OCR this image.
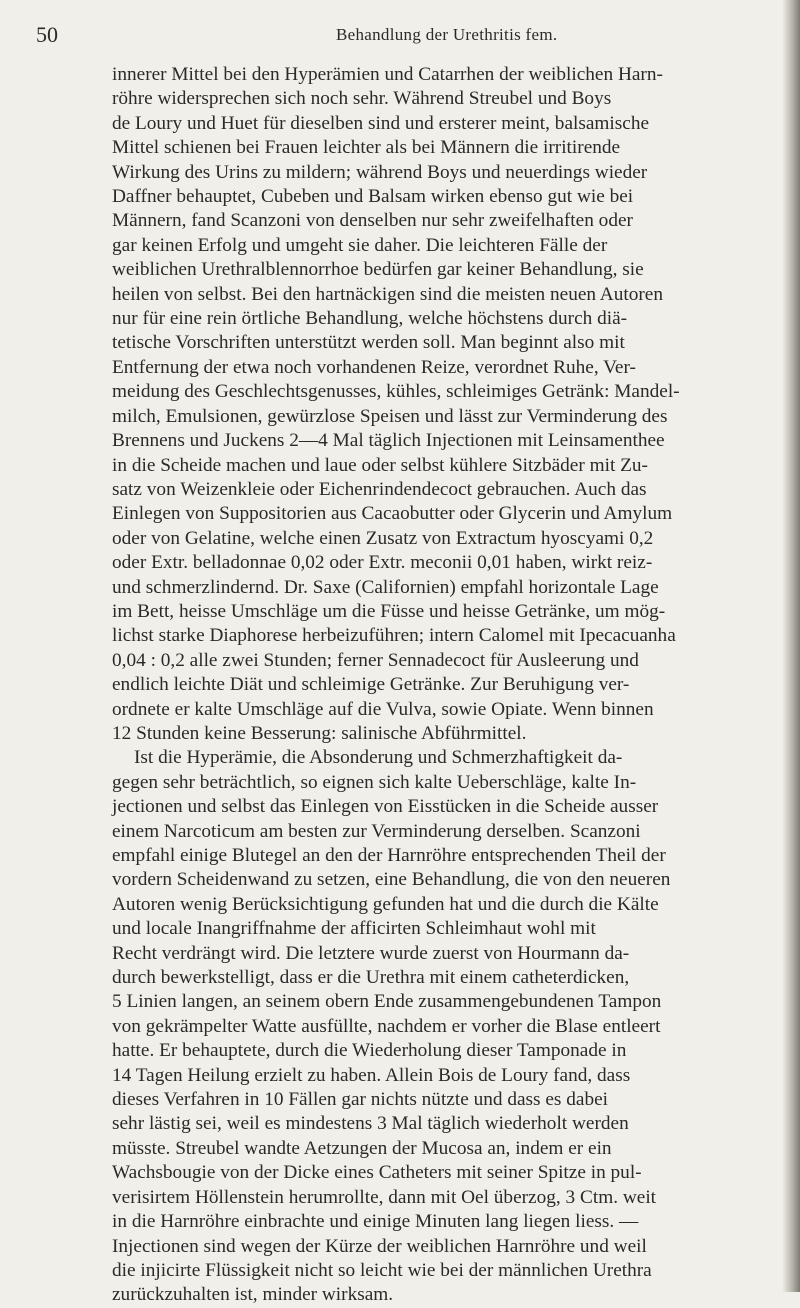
50	Behandlung der Urethritis fem.
innerer Mittel bei den Hyperämien und Catarrhen der weiblichen Harn-
röhre widersprechen sich noch sehr. Während Streubel und Boys
de Loury und Huet für dieselben sind und ersterer meint, balsamische
Mittel schienen bei Frauen leichter als bei Männern die irritirende
Wirkung des Urins zu mildern; während Boys und neuerdings wieder
Daffner behauptet, Cubeben und Balsam wirken ebenso gut wie bei
Männern, fand Scanzoni von denselben nur sehr zweifelhaften oder
gar keinen Erfolg und umgeht sie daher. Die leichteren Fälle der
weiblichen Urethralblennorrhoe bedürfen gar keiner Behandlung, sie
heilen von selbst. Bei den hartnäckigen sind die meisten neuen Autoren
nur für eine rein örtliche Behandlung, welche höchstens durch diä-
tetische Vorschriften unterstützt werden soll. Man beginnt also mit
Entfernung der etwa noch vorhandenen Reize, verordnet Ruhe, Ver-
meidung des Geschlechtsgenusses, kühles, schleimiges Getränk: Mandel-
milch, Emulsionen, gewürzlose Speisen und lässt zur Verminderung des
Brennens und Juckens 2—4 Mal täglich Injectionen mit Leinsamenthee
in die Scheide machen und laue oder selbst kühlere Sitzbäder mit Zu-
satz von Weizenkleie oder Eichenrindendecoct gebrauchen. Auch das
Einlegen von Suppositorien aus Cacaobutter oder Glycerin und Amylum
oder von Gelatine, welche einen Zusatz von Extractum hyoscyami 0,2
oder Extr. belladonnae 0,02 oder Extr. meconii 0,01 haben, wirkt reiz-
und schmerzlindernd. Dr. Saxe (Californien) empfahl horizontale Lage
im Bett, heisse Umschläge um die Füsse und heisse Getränke, um mög-
lichst starke Diaphorese herbeizuführen; intern Calomel mit Ipecacuanha
0,04 : 0,2 alle zwei Stunden; ferner Sennadecoct für Ausleerung und
endlich leichte Diät und schleimige Getränke. Zur Beruhigung ver-
ordnete er kalte Umschläge auf die Vulva, sowie Opiate. Wenn binnen
12 Stunden keine Besserung: salinische Abführmittel.
Ist die Hyperämie, die Absonderung und Schmerzhaftigkeit da-
gegen sehr beträchtlich, so eignen sich kalte Ueberschläge, kalte In-
jectionen und selbst das Einlegen von Eisstücken in die Scheide ausser
einem Narcoticum am besten zur Verminderung derselben. Scanzoni
empfahl einige Blutegel an den der Harnröhre entsprechenden Theil der
vordern Scheidenwand zu setzen, eine Behandlung, die von den neueren
Autoren wenig Berücksichtigung gefunden hat und die durch die Kälte
und locale Inangriffnahme der afficirten Schleimhaut wohl mit
Recht verdrängt wird. Die letztere wurde zuerst von Hourmann da-
durch bewerkstelligt, dass er die Urethra mit einem catheterdicken,
5 Linien langen, an seinem obern Ende zusammengebundenen Tampon
von gekrämpelter Watte ausfüllte, nachdem er vorher die Blase entleert
hatte. Er behauptete, durch die Wiederholung dieser Tamponade in
14 Tagen Heilung erzielt zu haben. Allein Bois de Loury fand, dass
dieses Verfahren in 10 Fällen gar nichts nützte und dass es dabei
sehr lästig sei, weil es mindestens 3 Mal täglich wiederholt werden
müsste. Streubel wandte Aetzungen der Mucosa an, indem er ein
Wachsbougie von der Dicke eines Catheters mit seiner Spitze in pul-
verisirtem Höllenstein herumrollte, dann mit Oel überzog, 3 Ctm. weit
in die Harnröhre einbrachte und einige Minuten lang liegen liess. —
Injectionen sind wegen der Kürze der weiblichen Harnröhre und weil
die injicirte Flüssigkeit nicht so leicht wie bei der männlichen Urethra
zurückzuhalten ist, minder wirksam.
